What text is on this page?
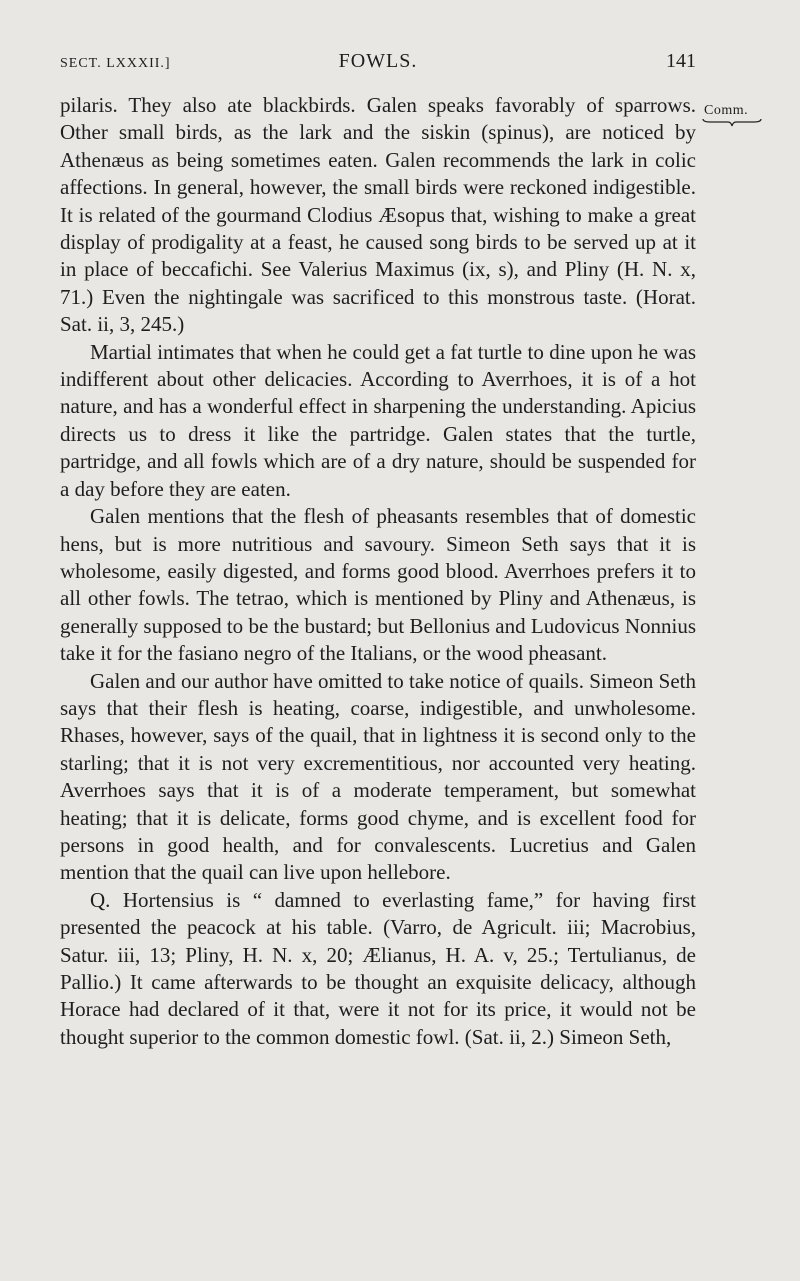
SECT. LXXXII.]	FOWLS.	141
Comm.

pilaris. They also ate blackbirds. Galen speaks favorably of sparrows. Other small birds, as the lark and the siskin (spinus), are noticed by Athenæus as being sometimes eaten. Galen recommends the lark in colic affections. In general, however, the small birds were reckoned indigestible. It is related of the gourmand Clodius Æsopus that, wishing to make a great display of prodigality at a feast, he caused song birds to be served up at it in place of beccafichi. See Valerius Maximus (ix, s), and Pliny (H. N. x, 71.) Even the nightingale was sacrificed to this monstrous taste. (Horat. Sat. ii, 3, 245.)

Martial intimates that when he could get a fat turtle to dine upon he was indifferent about other delicacies. According to Averrhoes, it is of a hot nature, and has a wonderful effect in sharpening the understanding. Apicius directs us to dress it like the partridge. Galen states that the turtle, partridge, and all fowls which are of a dry nature, should be suspended for a day before they are eaten.

Galen mentions that the flesh of pheasants resembles that of domestic hens, but is more nutritious and savoury. Simeon Seth says that it is wholesome, easily digested, and forms good blood. Averrhoes prefers it to all other fowls. The tetrao, which is mentioned by Pliny and Athenæus, is generally supposed to be the bustard; but Bellonius and Ludovicus Nonnius take it for the fasiano negro of the Italians, or the wood pheasant.

Galen and our author have omitted to take notice of quails. Simeon Seth says that their flesh is heating, coarse, indigestible, and unwholesome. Rhases, however, says of the quail, that in lightness it is second only to the starling; that it is not very excrementitious, nor accounted very heating. Averrhoes says that it is of a moderate temperament, but somewhat heating; that it is delicate, forms good chyme, and is excellent food for persons in good health, and for convalescents. Lucretius and Galen mention that the quail can live upon hellebore.

Q. Hortensius is “ damned to everlasting fame,” for having first presented the peacock at his table. (Varro, de Agricult. iii; Macrobius, Satur. iii, 13; Pliny, H. N. x, 20; Ælianus, H. A. v, 25.; Tertulianus, de Pallio.) It came afterwards to be thought an exquisite delicacy, although Horace had declared of it that, were it not for its price, it would not be thought superior to the common domestic fowl. (Sat. ii, 2.) Simeon Seth,
